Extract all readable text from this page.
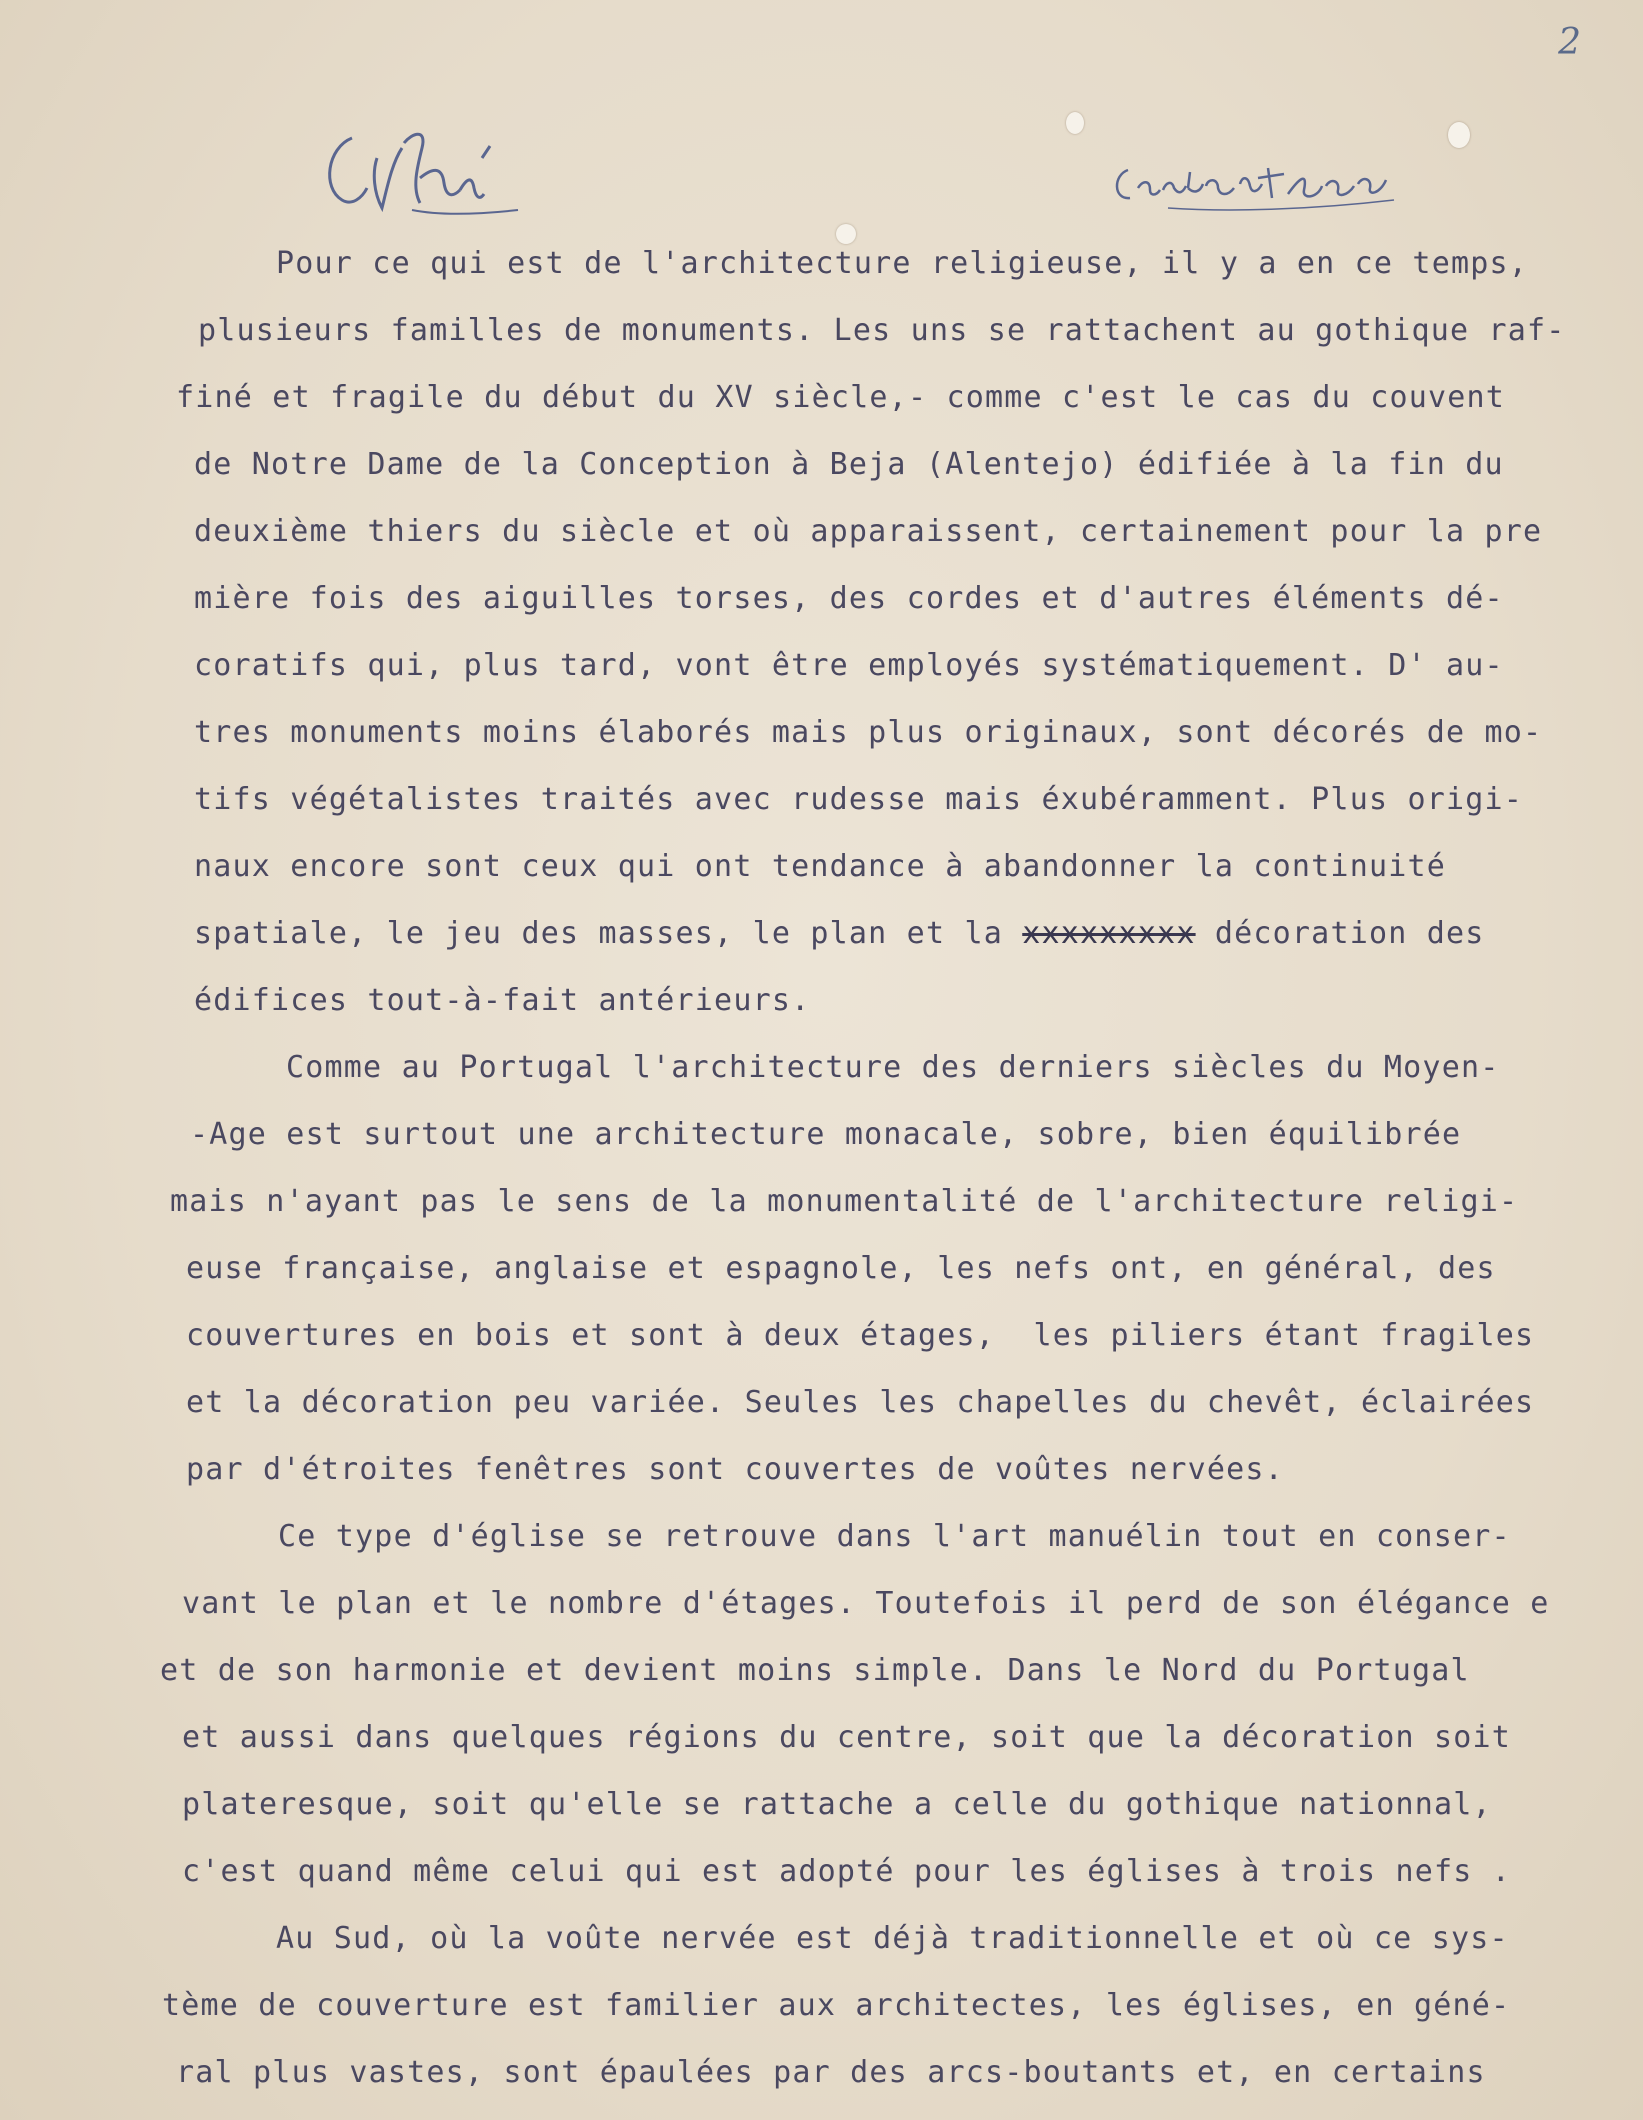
2
Pour ce qui est de l'architecture religieuse, il y a en ce temps,
plusieurs familles de monuments. Les uns se rattachent au gothique raf-
finé et fragile du début du XV siècle,- comme c'est le cas du couvent
de Notre Dame de la Conception à Beja (Alentejo) édifiée à la fin du
deuxième thiers du siècle et où apparaissent, certainement pour la pre
mière fois des aiguilles torses, des cordes et d'autres éléments dé-
coratifs qui, plus tard, vont être employés systématiquement. D' au-
tres monuments moins élaborés mais plus originaux, sont décorés de mo-
tifs végétalistes traités avec rudesse mais éxubéramment. Plus origi-
naux encore sont ceux qui ont tendance à abandonner la continuité
spatiale, le jeu des masses, le plan et la xxxxxxxxx décoration des
édifices tout-à-fait antérieurs.
Comme au Portugal l'architecture des derniers siècles du Moyen-
-Age est surtout une architecture monacale, sobre, bien équilibrée
mais n'ayant pas le sens de la monumentalité de l'architecture religi-
euse française, anglaise et espagnole, les nefs ont, en général, des
couvertures en bois et sont à deux étages,  les piliers étant fragiles
et la décoration peu variée. Seules les chapelles du chevêt, éclairées
par d'étroites fenêtres sont couvertes de voûtes nervées.
Ce type d'église se retrouve dans l'art manuélin tout en conser-
vant le plan et le nombre d'étages. Toutefois il perd de son élégance e
et de son harmonie et devient moins simple. Dans le Nord du Portugal
et aussi dans quelques régions du centre, soit que la décoration soit
plateresque, soit qu'elle se rattache a celle du gothique nationnal,
c'est quand même celui qui est adopté pour les églises à trois nefs .
Au Sud, où la voûte nervée est déjà traditionnelle et où ce sys-
tème de couverture est familier aux architectes, les églises, en géné-
ral plus vastes, sont épaulées par des arcs-boutants et, en certains
